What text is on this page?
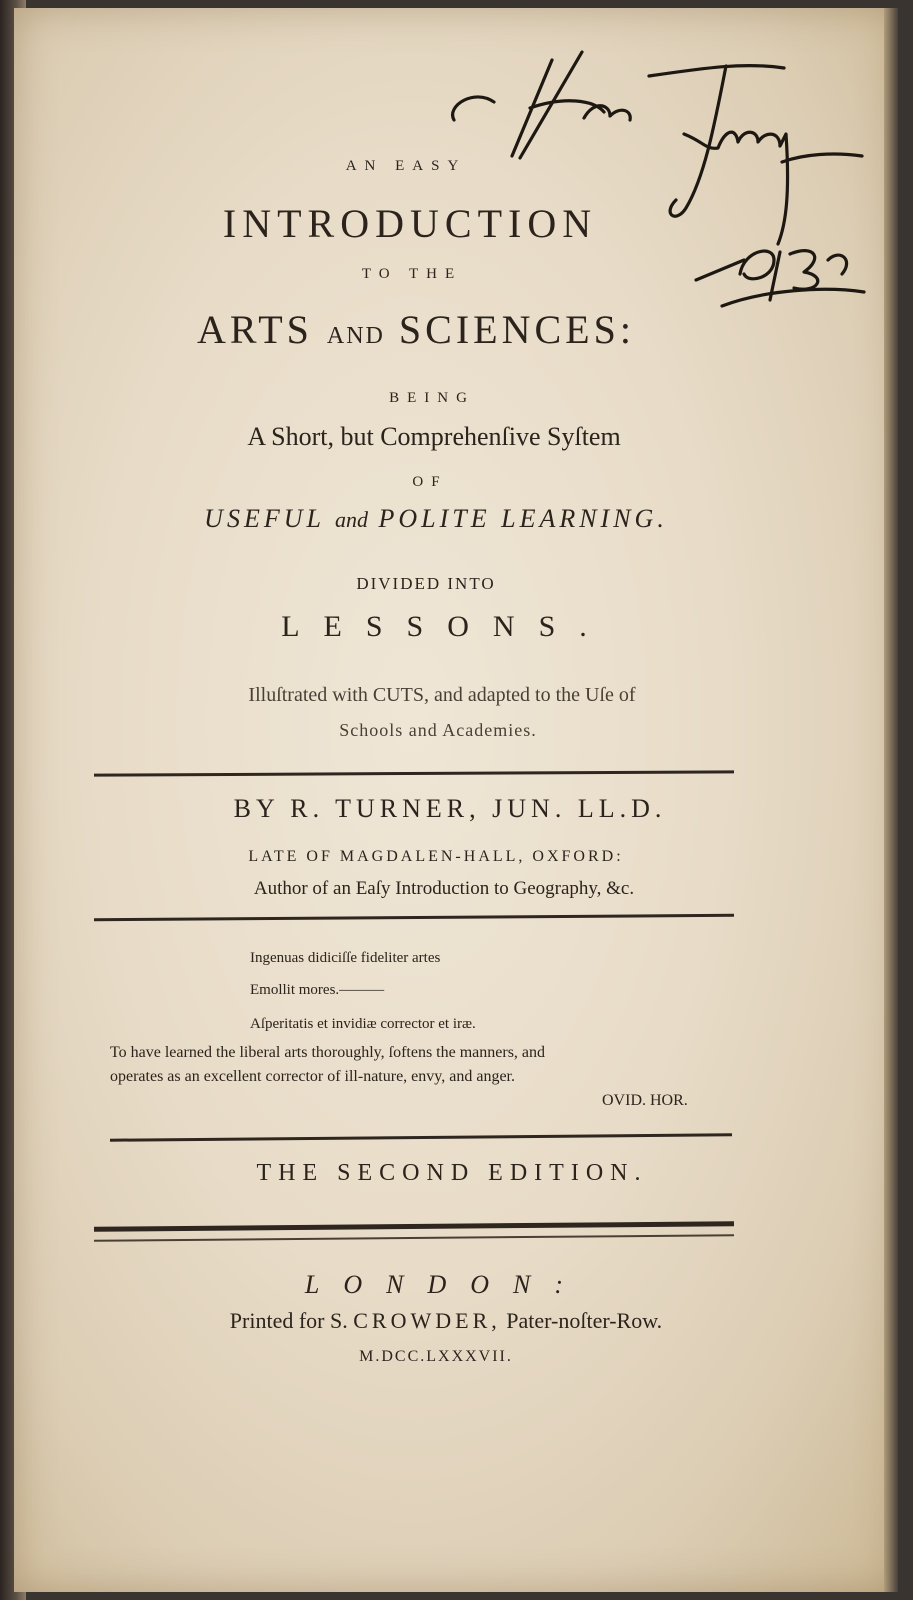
AN EASY
INTRODUCTION
TO THE
ARTS AND SCIENCES:
BEING
A Short, but Comprehenſive Syſtem
OF
USEFUL and POLITE LEARNING.
DIVIDED INTO
LESSONS.
Illuſtrated with CUTS, and adapted to the Uſe of
Schools and Academies.
BY R. TURNER, JUN. LL.D.
LATE OF MAGDALEN-HALL, OXFORD:
Author of an Eaſy Introduction to Geography, &c.
Ingenuas didiciſſe fideliter artes
Emollit mores.———
Aſperitatis et invidiæ corrector et iræ.
To have learned the liberal arts thoroughly, ſoftens the manners, and
operates as an excellent corrector of ill-nature, envy, and anger.
OVID. HOR.
THE SECOND EDITION.
LONDON:
Printed for S. CROWDER, Pater-noſter-Row.
M.DCC.LXXXVII.
